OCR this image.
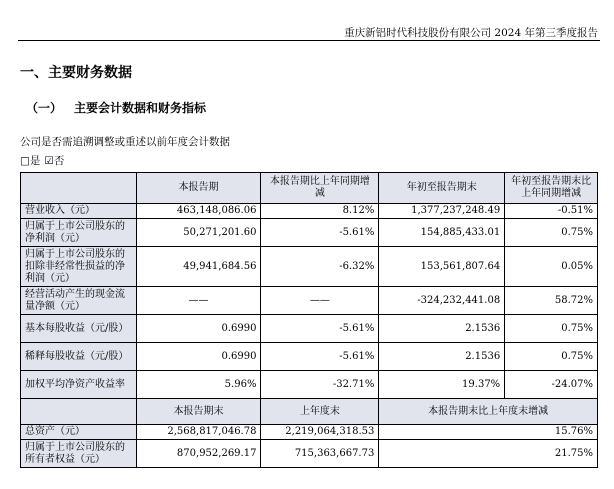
重庆新铝时代科技股份有限公司 2024 年第三季度报告
一、主要财务数据
（一） 主要会计数据和财务指标
公司是否需追溯调整或重述以前年度会计数据
□是 ☑否
	本报告期	本报告期比上年同期增减	年初至报告期末	年初至报告期末比上年同期增减
营业收入（元）	463,148,086.06	8.12%	1,377,237,248.49	-0.51%
归属于上市公司股东的净利润（元）	50,271,201.60	-5.61%	154,885,433.01	0.75%
归属于上市公司股东的扣除非经常性损益的净利润（元）	49,941,684.56	-6.32%	153,561,807.64	0.05%
经营活动产生的现金流量净额（元）	——	——	-324,232,441.08	58.72%
基本每股收益（元/股）	0.6990	-5.61%	2.1536	0.75%
稀释每股收益（元/股）	0.6990	-5.61%	2.1536	0.75%
加权平均净资产收益率	5.96%	-32.71%	19.37%	-24.07%
	本报告期末	上年度末	本报告期末比上年度末增减	
总资产（元）	2,568,817,046.78	2,219,064,318.53	15.76%	
归属于上市公司股东的所有者权益（元）	870,952,269.17	715,363,667.73	21.75%	
